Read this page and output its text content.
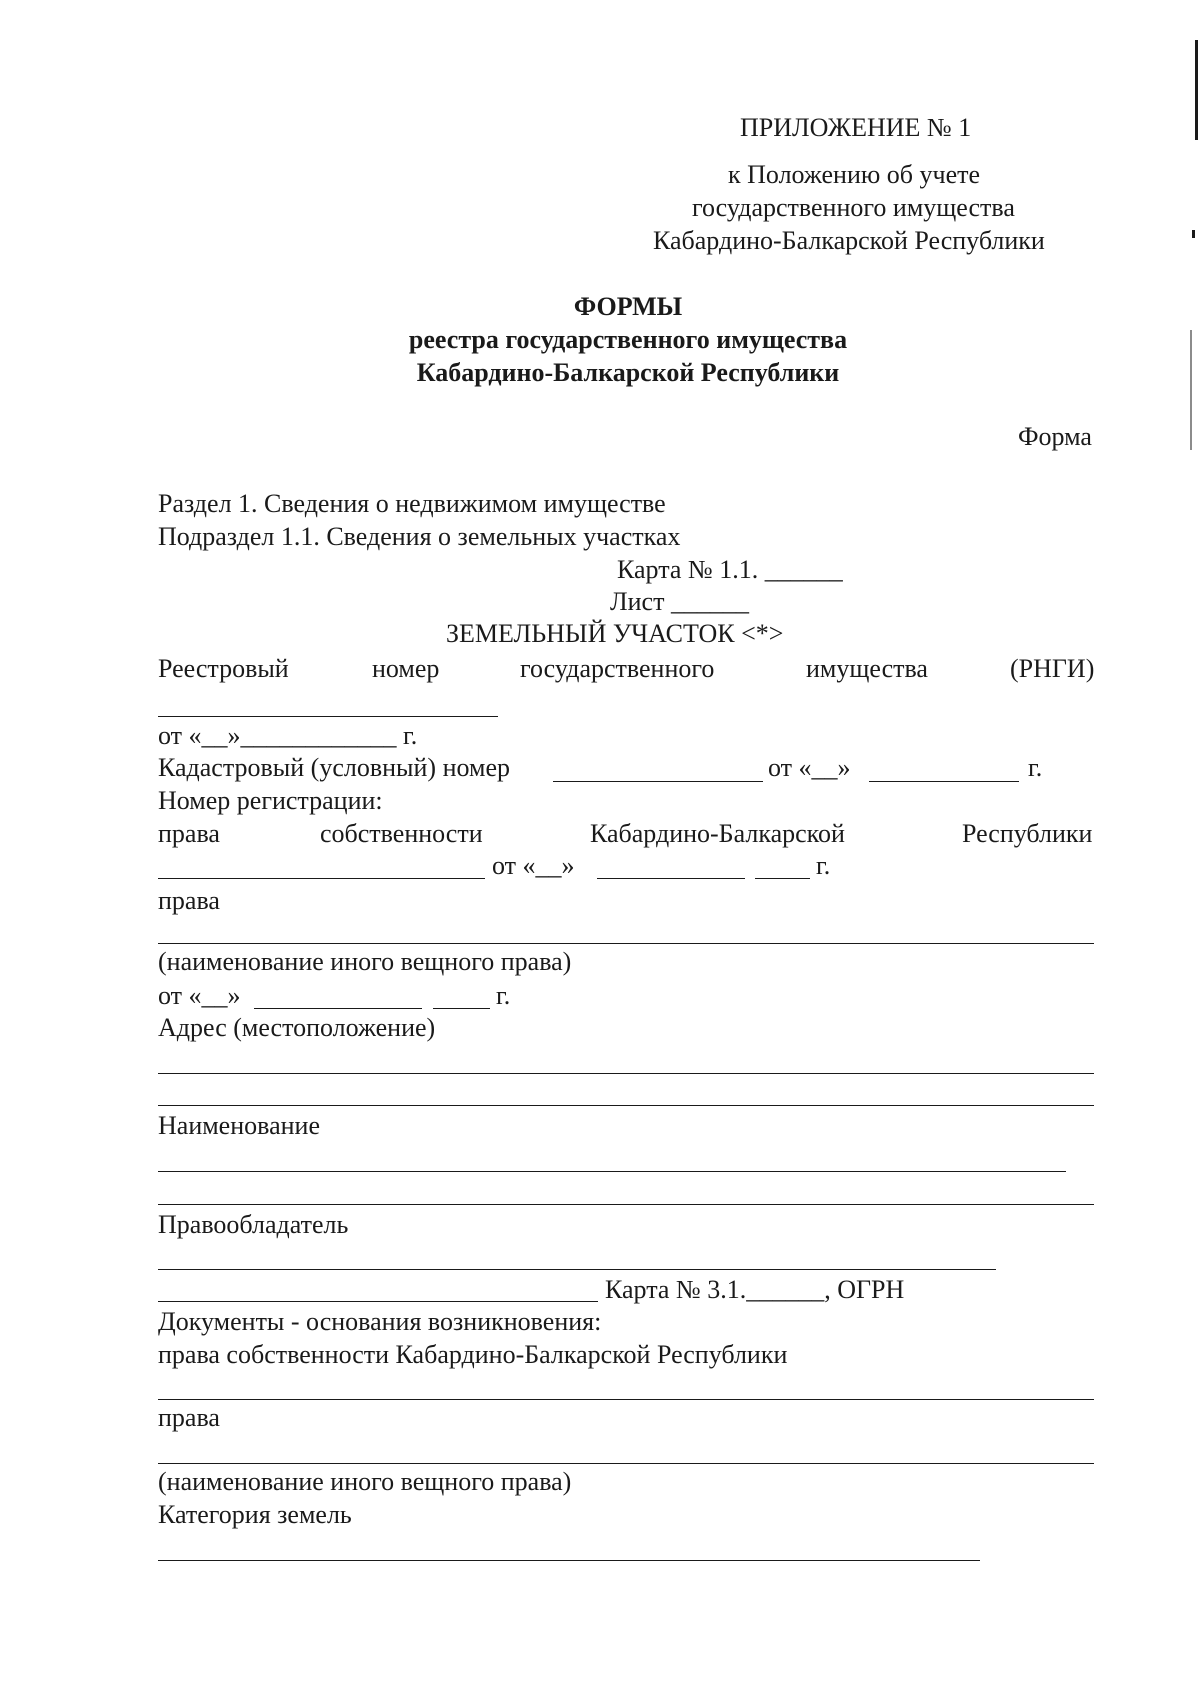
ПРИЛОЖЕНИЕ № 1
к Положению об учете
государственного имущества
Кабардино-Балкарской Республики
ФОРМЫ
реестра государственного имущества
Кабардино-Балкарской Республики
Форма
Раздел 1. Сведения о недвижимом имуществе
Подраздел 1.1. Сведения о земельных участках
Карта № 1.1. ______
Лист ______
ЗЕМЕЛЬНЫЙ УЧАСТОК <*>
Реестровый	номер	государственного	имущества	(РНГИ)
от «__»____________ г.
Кадастровый (условный) номер	от «__»	г.
Номер регистрации:
права	собственности	Кабардино-Балкарской	Республики
от «__»	г.
права
(наименование иного вещного права)
от «__»	г.
Адрес (местоположение)
Наименование
Правообладатель
Карта № 3.1.______, ОГРН
Документы - основания возникновения:
права собственности Кабардино-Балкарской Республики
права
(наименование иного вещного права)
Категория земель
